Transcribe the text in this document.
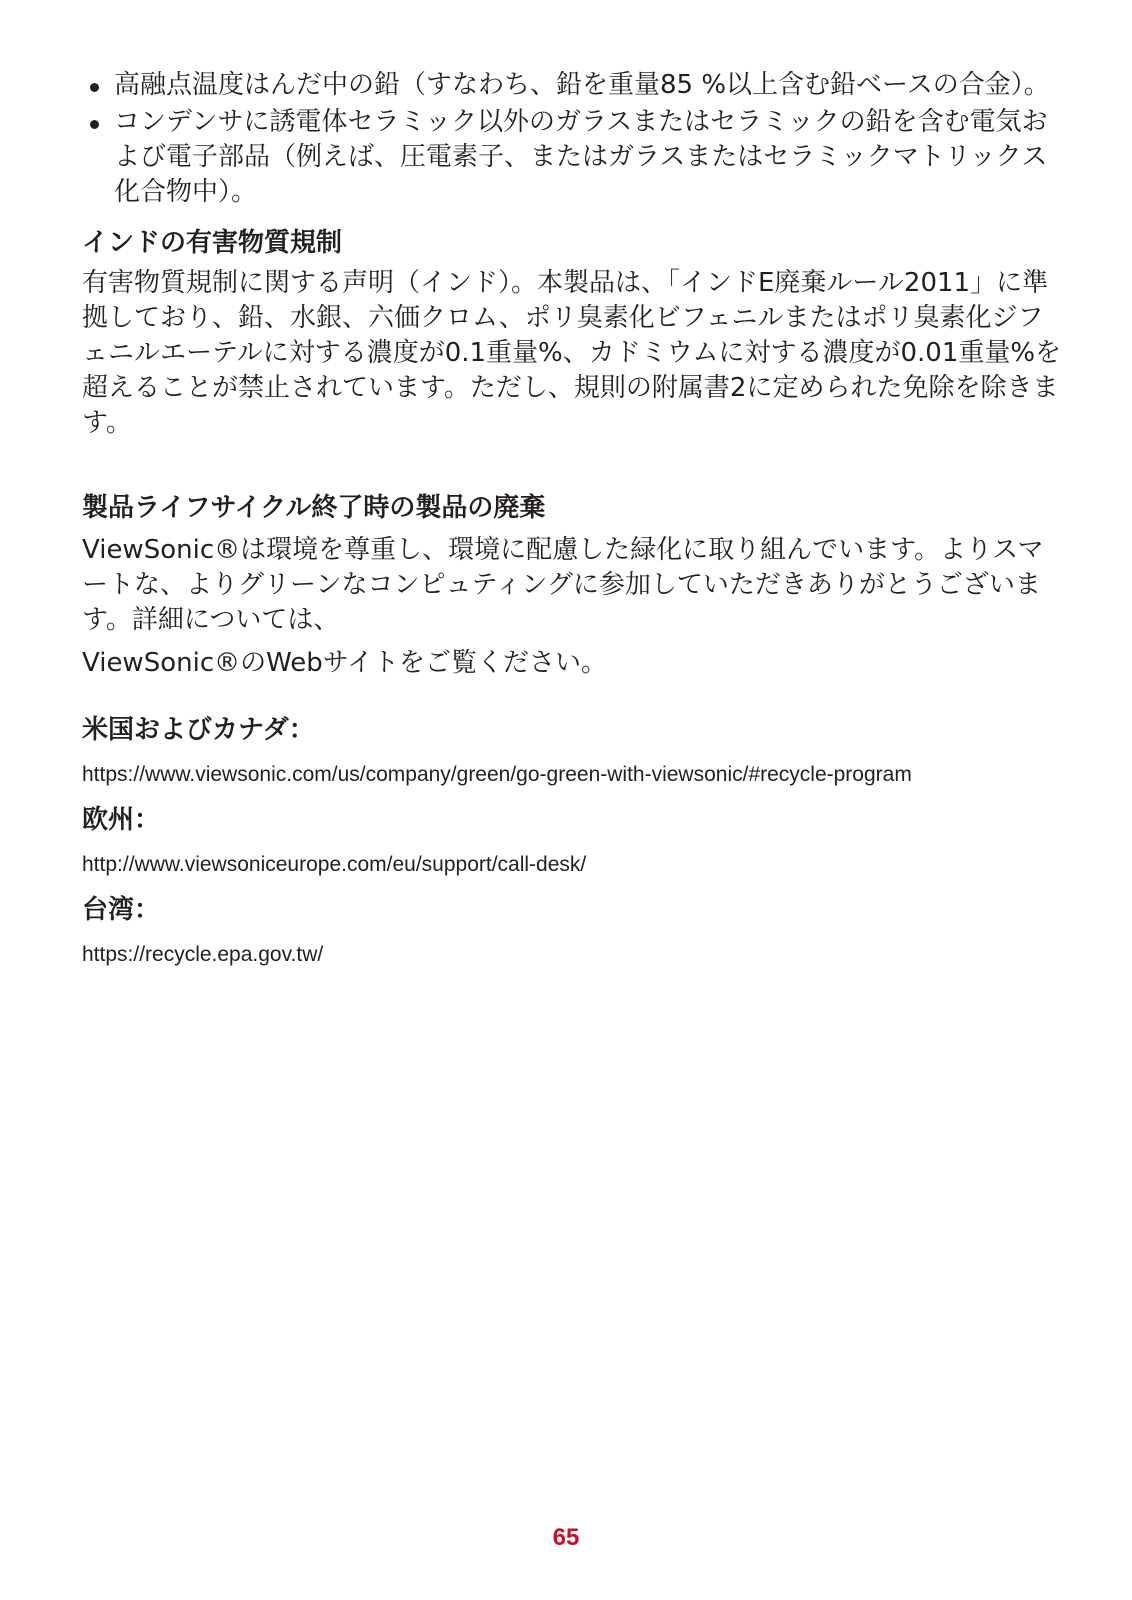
高融点温度はんだ中の鉛（すなわち、鉛を重量85 %以上含む鉛ベースの合金）。
コンデンサに誘電体セラミック以外のガラスまたはセラミックの鉛を含む電気および電子部品（例えば、圧電素子、またはガラスまたはセラミックマトリックス化合物中）。
インドの有害物質規制

有害物質規制に関する声明（インド）。本製品は、「インドE廃棄ルール2011」に準拠しており、鉛、水銀、六価クロム、ポリ臭素化ビフェニルまたはポリ臭素化ジフェニルエーテルに対する濃度が0.1重量%、カドミウムに対する濃度が0.01重量%を超えることが禁止されています。ただし、規則の附属書2に定められた免除を除きます。

製品ライフサイクル終了時の製品の廃棄

ViewSonic®は環境を尊重し、環境に配慮した緑化に取り組んでいます。よりスマートな、よりグリーンなコンピュティングに参加していただきありがとうございます。詳細については、

ViewSonic®のWebサイトをご覧ください。

米国およびカナダ：

https://www.viewsonic.com/us/company/green/go-green-with-viewsonic/#recycle-program

欧州：

http://www.viewsoniceurope.com/eu/support/call-desk/

台湾：

https://recycle.epa.gov.tw/

65
